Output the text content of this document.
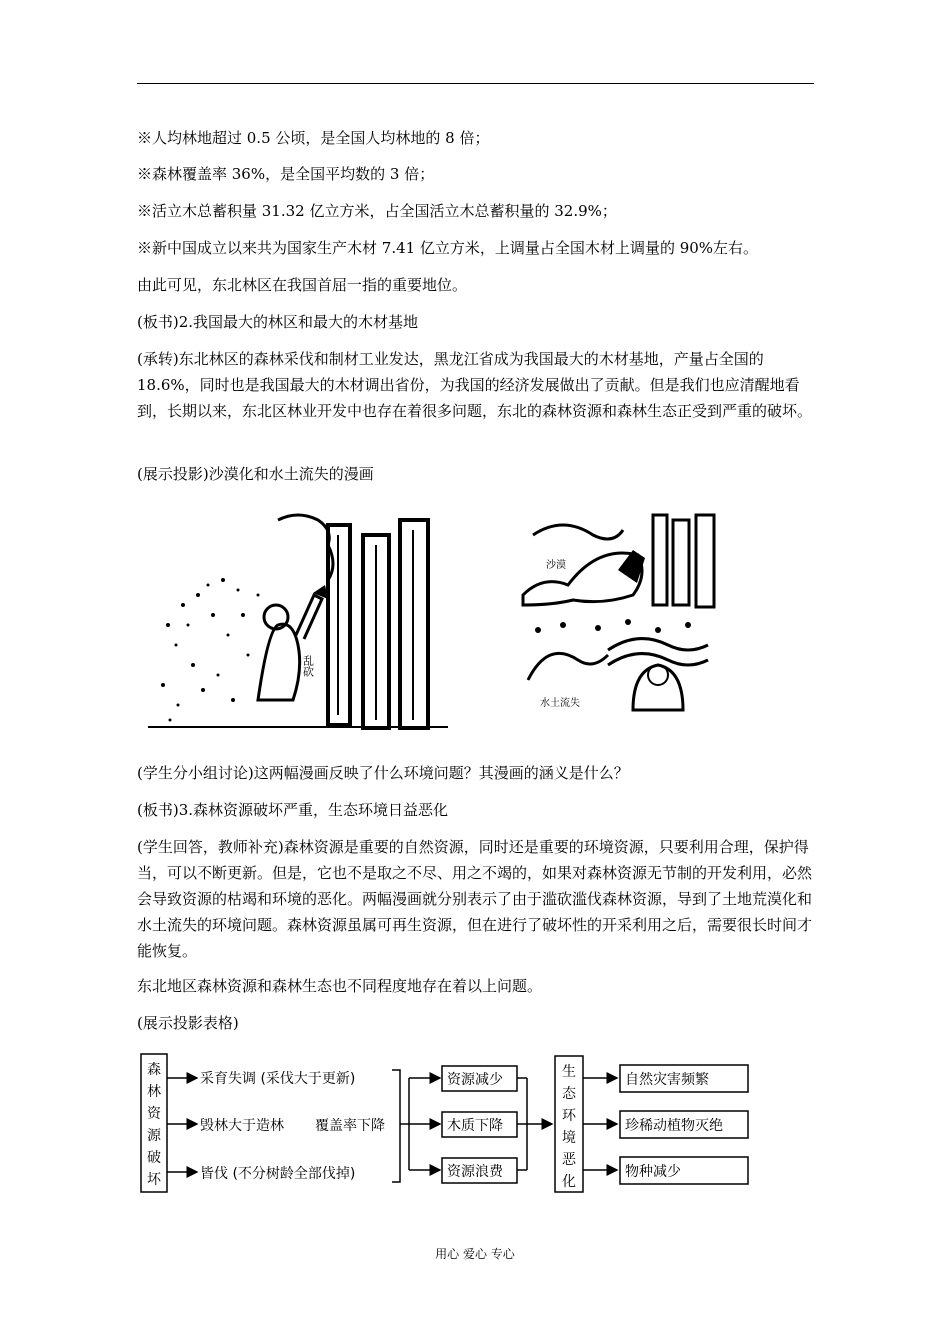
※人均林地超过 0.5 公顷，是全国人均林地的 8 倍；

※森林覆盖率 36%，是全国平均数的 3 倍；

※活立木总蓄积量 31.32 亿立方米，占全国活立木总蓄积量的 32.9%；

※新中国成立以来共为国家生产木材 7.41 亿立方米，上调量占全国木材上调量的 90%左右。

由此可见，东北林区在我国首屈一指的重要地位。

(板书)2.我国最大的林区和最大的木材基地

(承转)东北林区的森林采伐和制材工业发达，黑龙江省成为我国最大的木材基地，产量占全国的 18.6%，同时也是我国最大的木材调出省份，为我国的经济发展做出了贡献。但是我们也应清醒地看到，长期以来，东北区林业开发中也存在着很多问题，东北的森林资源和森林生态正受到严重的破坏。

(展示投影)沙漠化和水土流失的漫画

乱砍
沙漠
水土流失

(学生分小组讨论)这两幅漫画反映了什么环境问题？其漫画的涵义是什么？

(板书)3.森林资源破坏严重，生态环境日益恶化

(学生回答，教师补充)森林资源是重要的自然资源，同时还是重要的环境资源，只要利用合理，保护得当，可以不断更新。但是，它也不是取之不尽、用之不竭的，如果对森林资源无节制的开发利用，必然会导致资源的枯竭和环境的恶化。两幅漫画就分别表示了由于滥砍滥伐森林资源，导到了土地荒漠化和水土流失的环境问题。森林资源虽属可再生资源，但在进行了破坏性的开采利用之后，需要很长时间才能恢复。

东北地区森林资源和森林生态也不同程度地存在着以上问题。

(展示投影表格)

森林资源破坏
采育失调 (采伐大于更新)
毁林大于造林 覆盖率下降
皆伐 (不分树龄全部伐掉)
资源减少
木质下降
资源浪费
生态环境恶化
自然灾害频繁
珍稀动植物灭绝
物种减少
用心 爱心 专心
